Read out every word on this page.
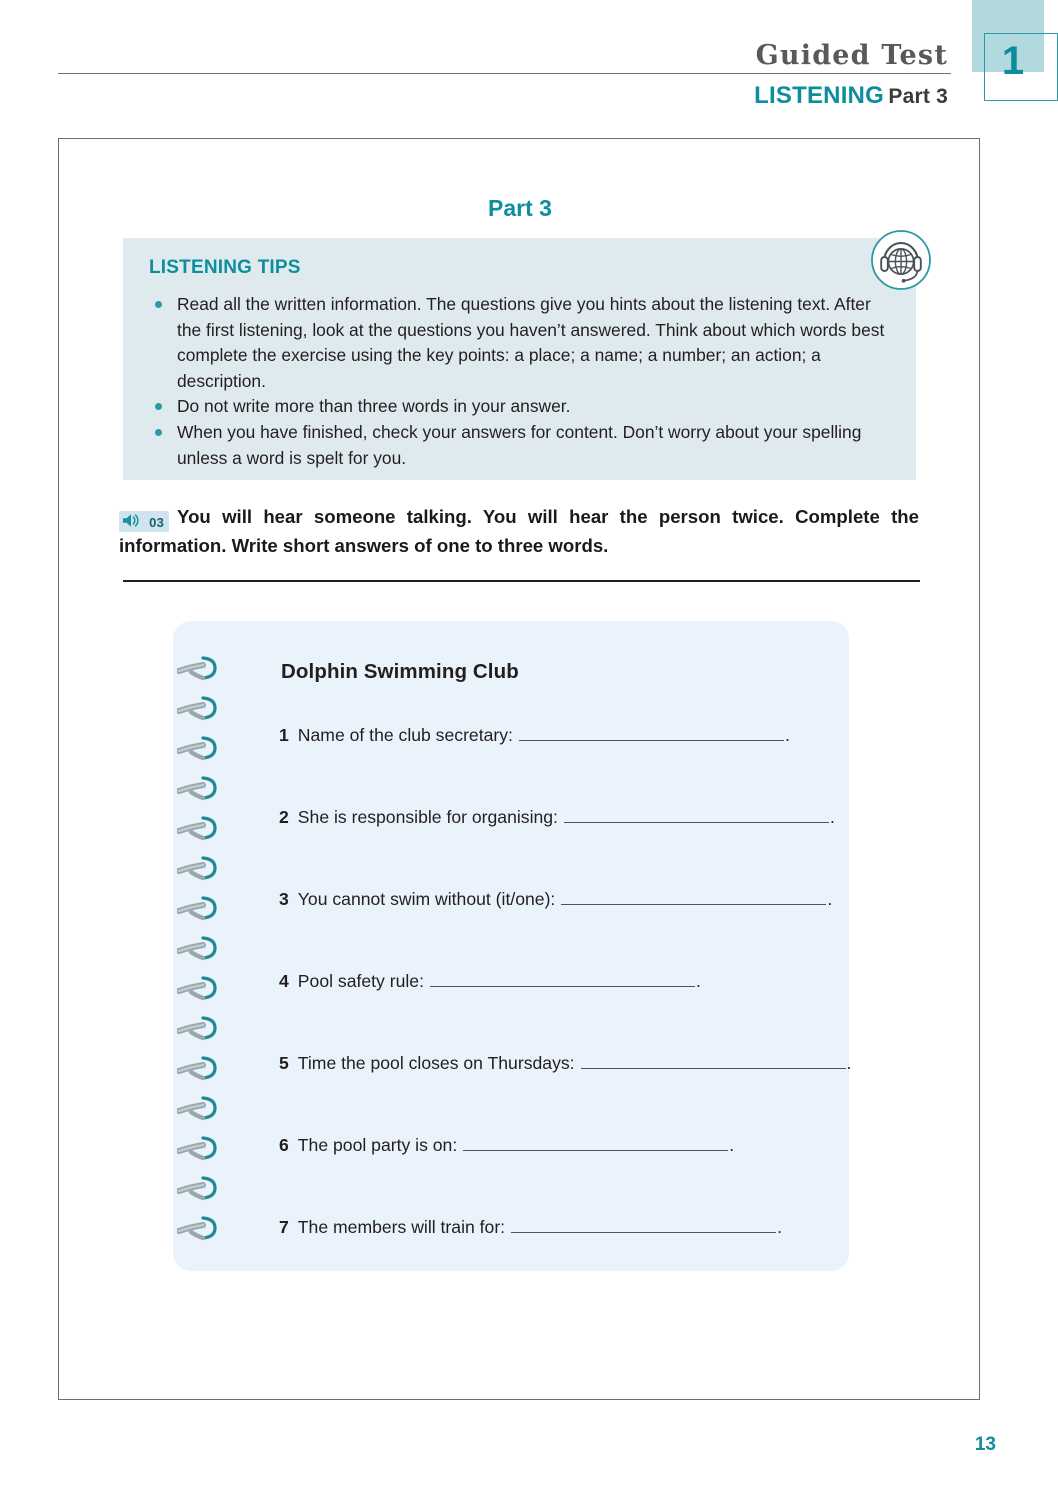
1
Guided Test
LISTENING Part 3
Part 3
LISTENING TIPS
Read all the written information. The questions give you hints about the listening text. After the first listening, look at the questions you haven’t answered. Think about which words best complete the exercise using the key points: a place; a name; a number; an action; a description.
Do not write more than three words in your answer.
When you have finished, check your answers for content. Don’t worry about your spelling unless a word is spelt for you.

03 You will hear someone talking. You will hear the person twice. Complete the information. Write short answers of one to three words.

Dolphin Swimming Club
1 Name of the club secretary:	.
2 She is responsible for organising:	.
3 You cannot swim without (it/one):	.
4 Pool safety rule:	.
5 Time the pool closes on Thursdays:	.
6 The pool party is on:	.
7 The members will train for:	.
13
